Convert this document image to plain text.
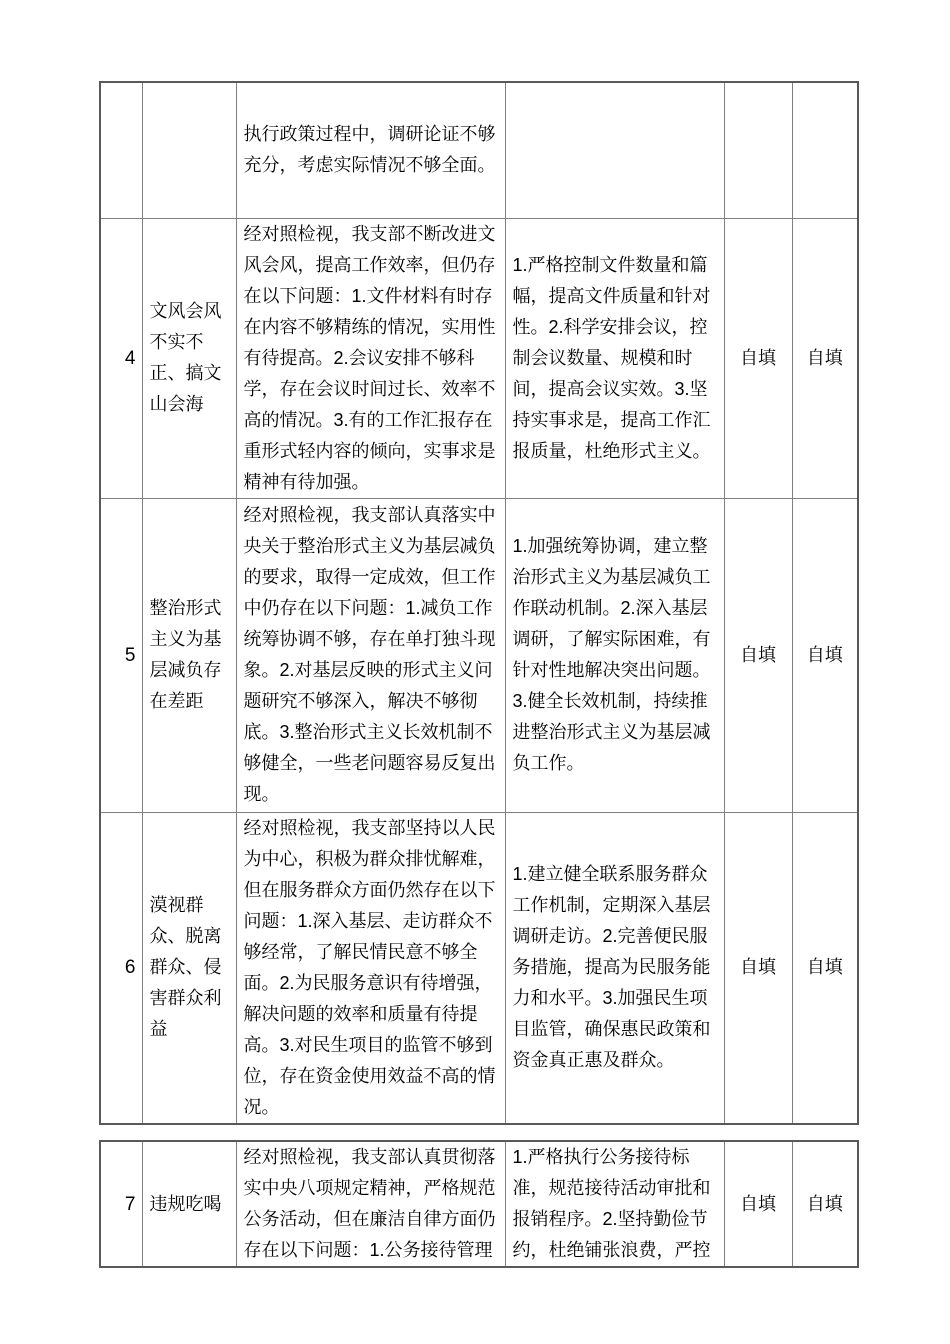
		执行政策过程中，调研论证不够充分，考虑实际情况不够全面。			
4	文风会风不实不正、搞文山会海	经对照检视，我支部不断改进文风会风，提高工作效率，但仍存在以下问题：1.文件材料有时存在内容不够精练的情况，实用性有待提高。2.会议安排不够科学，存在会议时间过长、效率不高的情况。3.有的工作汇报存在重形式轻内容的倾向，实事求是精神有待加强。	1.严格控制文件数量和篇幅，提高文件质量和针对性。2.科学安排会议，控制会议数量、规模和时间，提高会议实效。3.坚持实事求是，提高工作汇报质量，杜绝形式主义。	自填	自填
5	整治形式主义为基层减负存在差距	经对照检视，我支部认真落实中央关于整治形式主义为基层减负的要求，取得一定成效，但工作中仍存在以下问题：1.减负工作统筹协调不够，存在单打独斗现象。2.对基层反映的形式主义问题研究不够深入，解决不够彻底。3.整治形式主义长效机制不够健全，一些老问题容易反复出现。	1.加强统筹协调，建立整治形式主义为基层减负工作联动机制。2.深入基层调研，了解实际困难，有针对性地解决突出问题。3.健全长效机制，持续推进整治形式主义为基层减负工作。	自填	自填
6	漠视群众、脱离群众、侵害群众利益	经对照检视，我支部坚持以人民为中心，积极为群众排忧解难，但在服务群众方面仍然存在以下问题：1.深入基层、走访群众不够经常，了解民情民意不够全面。2.为民服务意识有待增强，解决问题的效率和质量有待提高。3.对民生项目的监管不够到位，存在资金使用效益不高的情况。	1.建立健全联系服务群众工作机制，定期深入基层调研走访。2.完善便民服务措施，提高为民服务能力和水平。3.加强民生项目监管，确保惠民政策和资金真正惠及群众。	自填	自填
7	违规吃喝	经对照检视，我支部认真贯彻落实中央八项规定精神，严格规范公务活动，但在廉洁自律方面仍存在以下问题：1.公务接待管理	1.严格执行公务接待标准，规范接待活动审批和报销程序。2.坚持勤俭节约，杜绝铺张浪费，严控	自填	自填
